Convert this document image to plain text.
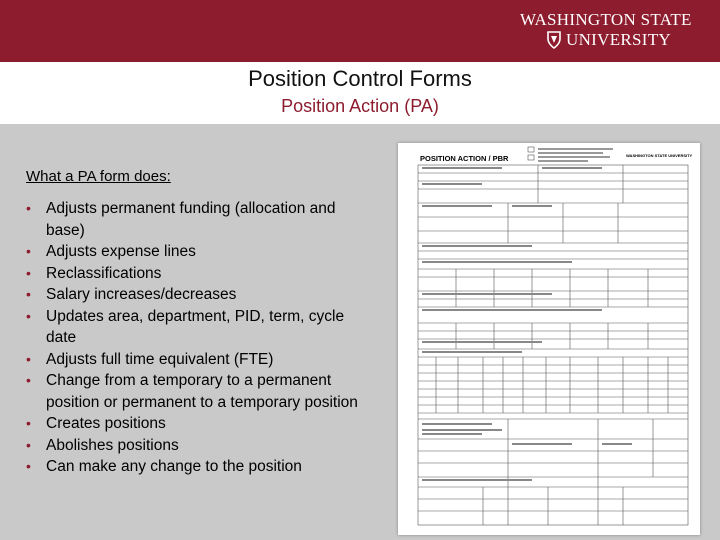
WASHINGTON STATE
UNIVERSITY
Position Control Forms
Position Action (PA)
What a PA form does:
• Adjusts permanent funding (allocation and base)
• Adjusts expense lines
• Reclassifications
• Salary increases/decreases
• Updates area, department, PID, term, cycle date
• Adjusts full time equivalent (FTE)
• Change from a temporary to a permanent position or permanent to a temporary position
• Creates positions
• Abolishes positions
• Can make any change to the position
POSITION ACTION / PBR	WASHINGTON STATE UNIVERSITY
